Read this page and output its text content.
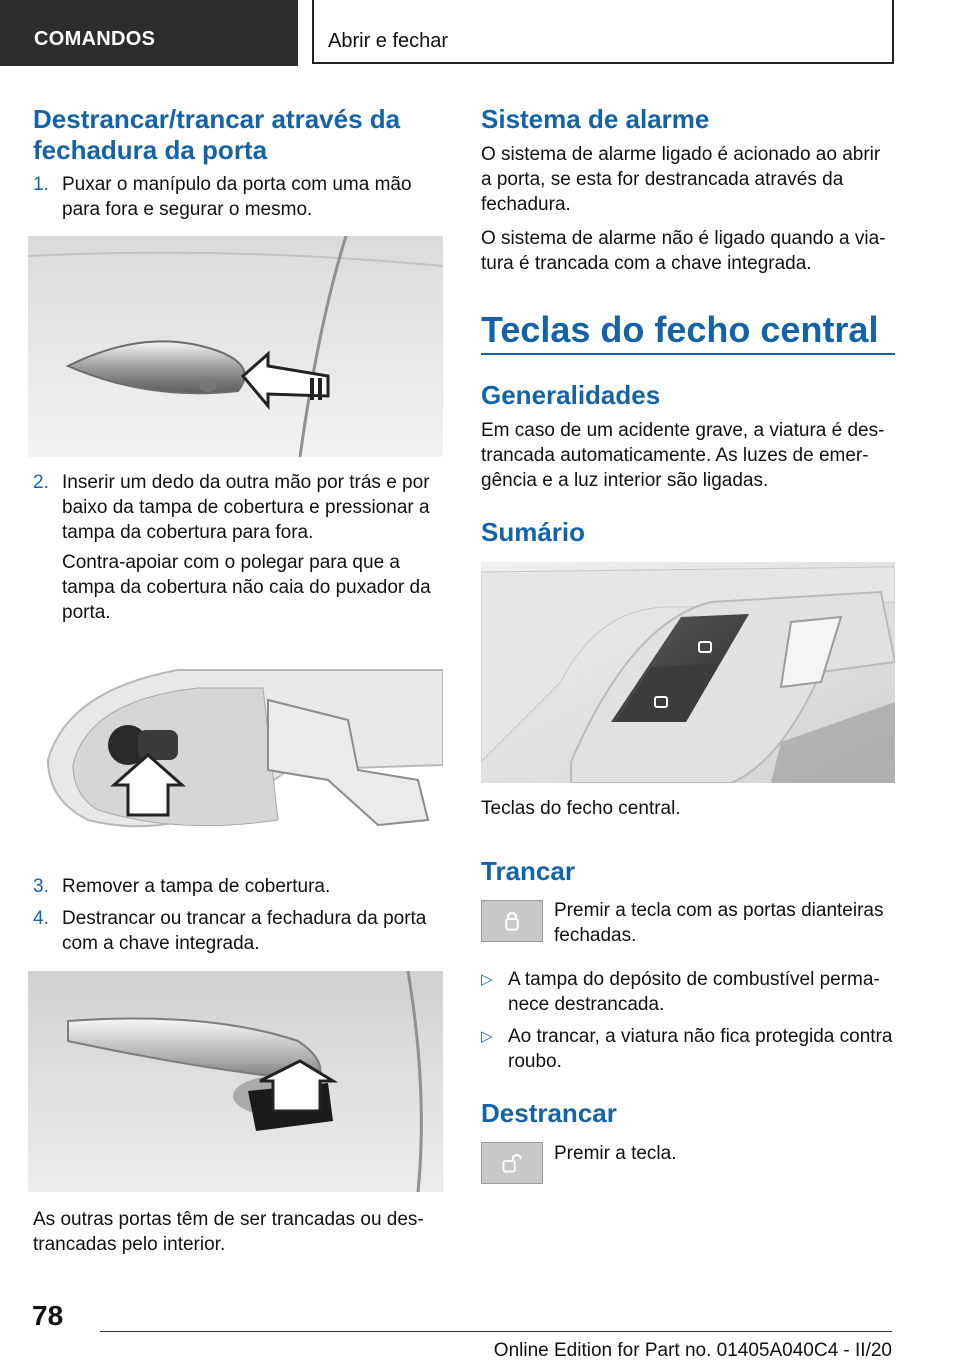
COMANDOS	Abrir e fechar
Destrancar/trancar através da fechadura da porta
1. Puxar o manípulo da porta com uma mão para fora e segurar o mesmo.

2. Inserir um dedo da outra mão por trás e por baixo da tampa de cobertura e pressionar a tampa da cobertura para fora.

Contra-apoiar com o polegar para que a tampa da cobertura não caia do puxador da porta.

3. Remover a tampa de cobertura.

4. Destrancar ou trancar a fechadura da porta com a chave integrada.

As outras portas têm de ser trancadas ou destrancadas pelo interior.

Sistema de alarme

O sistema de alarme ligado é acionado ao abrir a porta, se esta for destrancada através da fechadura.

O sistema de alarme não é ligado quando a viatura é trancada com a chave integrada.

Teclas do fecho central
Generalidades

Em caso de um acidente grave, a viatura é destrancada automaticamente. As luzes de emergência e a luz interior são ligadas.

Sumário

Teclas do fecho central.

Trancar

Premir a tecla com as portas dianteiras fechadas.

▷ A tampa do depósito de combustível permanece destrancada.

▷ Ao trancar, a viatura não fica protegida contra roubo.

Destrancar

Premir a tecla.

78
Online Edition for Part no. 01405A040C4 - II/20
